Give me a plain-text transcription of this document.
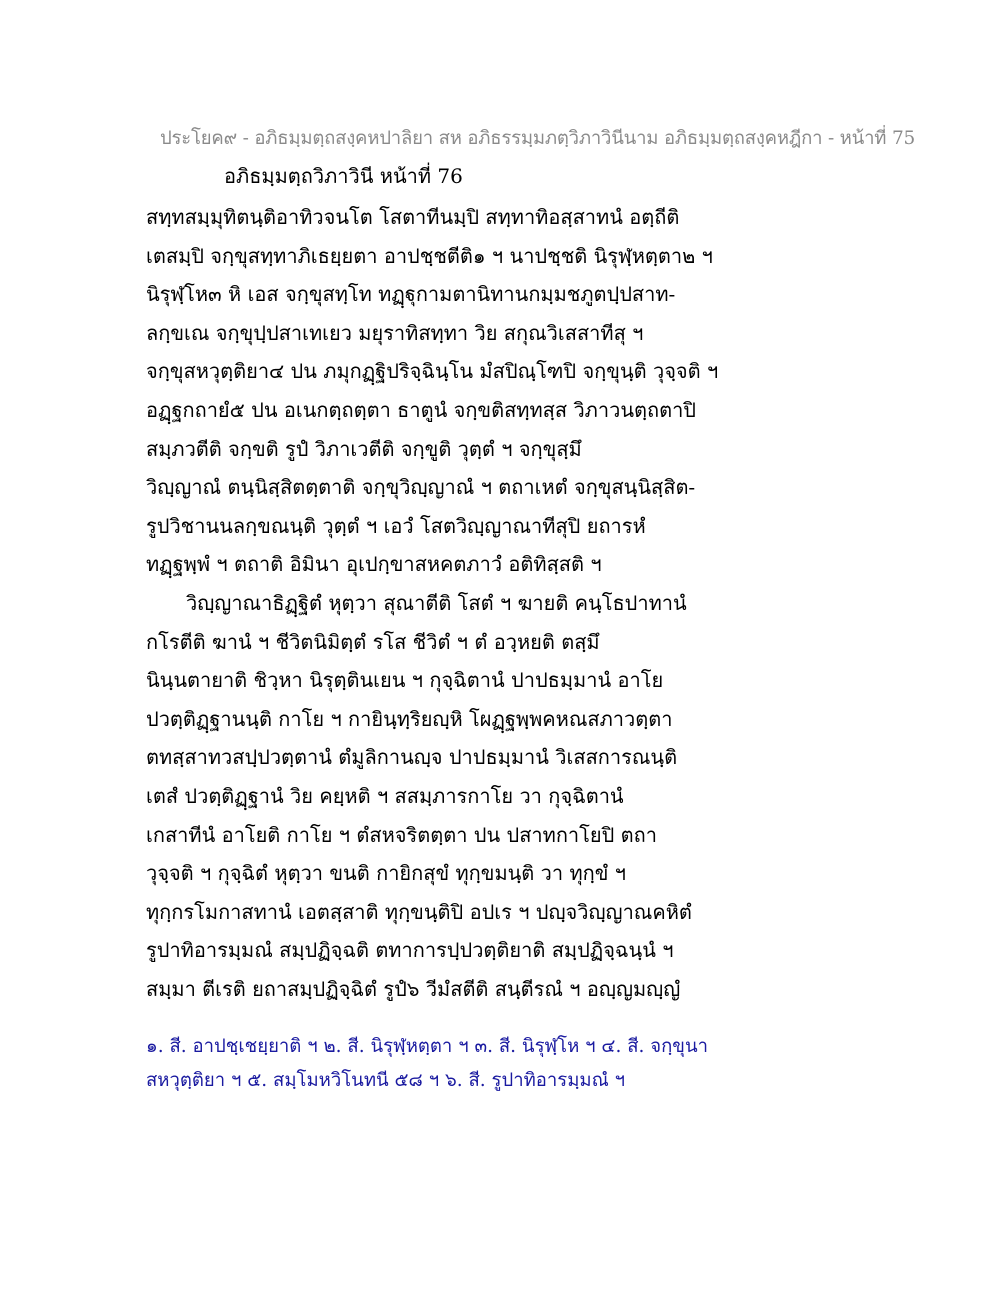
ประโยค๙ - อภิธมฺมตฺถสงฺคหปาลิยา สห อภิธรรมฺมภตฺวิภาวินีนาม อภิธมฺมตฺถสงฺคหฎีกา - หน้าที่ 75
อภิธมฺมตฺถวิภาวินี หน้าที่ 76
สทฺทสมฺมุทิตนฺติอาทิวจนโต โสตาทีนมฺปิ สทฺทาทิอสฺสาทนํ อตฺถีติ
เตสมฺปิ จกฺขุสทฺทาภิเธยฺยตา อาปชฺชตีติ๑ ฯ นาปชฺชติ นิรุฬฺหตฺตา๒ ฯ
นิรุฬฺโห๓ หิ เอส จกฺขุสทฺโท ทฏฺฐุกามตานิทานกมฺมชภูตปฺปสาท-
ลกฺขเณ จกฺขุปฺปสาเทเยว มยุราทิสทฺทา วิย สกุณวิเสสาทีสุ ฯ
จกฺขุสหวุตฺติยา๔ ปน ภมุกฏฺฐิปริจฺฉินฺโน มํสปิณฺโฑปิ จกฺขุนฺติ วุจฺจติ ฯ
อฏฺฐกถายํ๕ ปน อเนกตฺถตฺตา ธาตูนํ จกฺขติสทฺทสฺส วิภาวนตฺถตาปิ
สมฺภวตีติ จกฺขติ รูปํ วิภาเวตีติ จกฺขูติ วุตฺตํ ฯ จกฺขุสฺมึ
วิญฺญาณํ ตนฺนิสฺสิตตฺตาติ จกฺขุวิญฺญาณํ ฯ ตถาเหตํ จกฺขุสนฺนิสฺสิต-
รูปวิชานนลกฺขณนฺติ วุตฺตํ ฯ เอวํ โสตวิญฺญาณาทีสุปิ ยถารหํ
ทฏฺฐพฺพํ ฯ ตถาติ อิมินา อุเปกฺขาสหคตภาวํ อติทิสฺสติ ฯ
วิญฺญาณาธิฏฺฐิตํ หุตฺวา สุณาตีติ โสตํ ฯ ฆายติ คนฺโธปาทานํ
กโรตีติ ฆานํ ฯ ชีวิตนิมิตฺตํ รโส ชีวิตํ ฯ ตํ อวฺหยติ ตสฺมึ
นินฺนตายาติ ชิวฺหา นิรุตฺตินเยน ฯ กุจฺฉิตานํ ปาปธมฺมานํ อาโย
ปวตฺติฏฺฐานนฺติ กาโย ฯ กายินฺทฺริยญฺหิ โผฏฺฐพฺพคหณสภาวตฺตา
ตทสฺสาทวสปฺปวตฺตานํ ตํมูลิกานญฺจ ปาปธมฺมานํ วิเสสการณนฺติ
เตสํ ปวตฺติฏฺฐานํ วิย คยฺหติ ฯ สสมฺภารกาโย วา กุจฺฉิตานํ
เกสาทีนํ อาโยติ กาโย ฯ ตํสหจริตตฺตา ปน ปสาทกาโยปิ ตถา
วุจฺจติ ฯ กุจฺฉิตํ หุตฺวา ขนติ กายิกสุขํ ทุกฺขมนฺติ วา ทุกฺขํ ฯ
ทุกฺกรโมกาสทานํ เอตสฺสาติ ทุกฺขนฺติปิ อปเร ฯ ปญฺจวิญฺญาณคหิตํ
รูปาทิอารมฺมณํ สมฺปฏิจฺฉติ ตทาการปฺปวตฺติยาติ สมฺปฏิจฺฉนฺนํ ฯ
สมฺมา ตีเรติ ยถาสมฺปฏิจฺฉิตํ รูปํ๖ วีมํสตีติ สนฺตีรณํ ฯ อญฺญมญฺญํ
๑. สี. อาปชฺเชยฺยาติ ฯ ๒. สี. นิรุฬฺหตฺตา ฯ ๓. สี. นิรุฬฺโห ฯ ๔. สี. จกฺขุนา
สหวุตฺติยา ฯ ๕. สมฺโมหวิโนทนี ๕๘ ฯ ๖. สี. รูปาทิอารมฺมณํ ฯ
